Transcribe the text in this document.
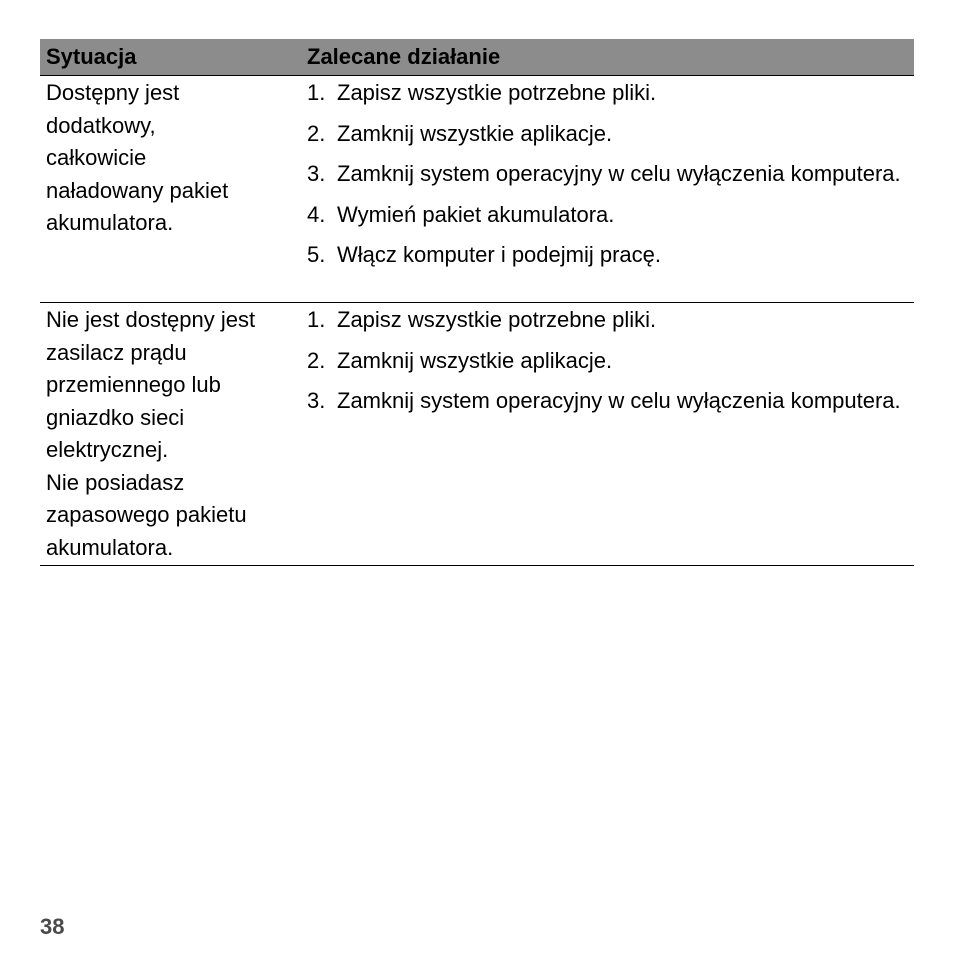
Sytuacja	Zalecane działanie
Dostępny jest
dodatkowy,
całkowicie
naładowany pakiet
akumulatora.
1. Zapisz wszystkie potrzebne pliki.
2. Zamknij wszystkie aplikacje.
3. Zamknij system operacyjny w celu wyłączenia komputera.
4. Wymień pakiet akumulatora.
5. Włącz komputer i podejmij pracę.
Nie jest dostępny jest
zasilacz prądu
przemiennego lub
gniazdko sieci
elektrycznej.
Nie posiadasz
zapasowego pakietu
akumulatora.
1. Zapisz wszystkie potrzebne pliki.
2. Zamknij wszystkie aplikacje.
3. Zamknij system operacyjny w celu wyłączenia komputera.
38
